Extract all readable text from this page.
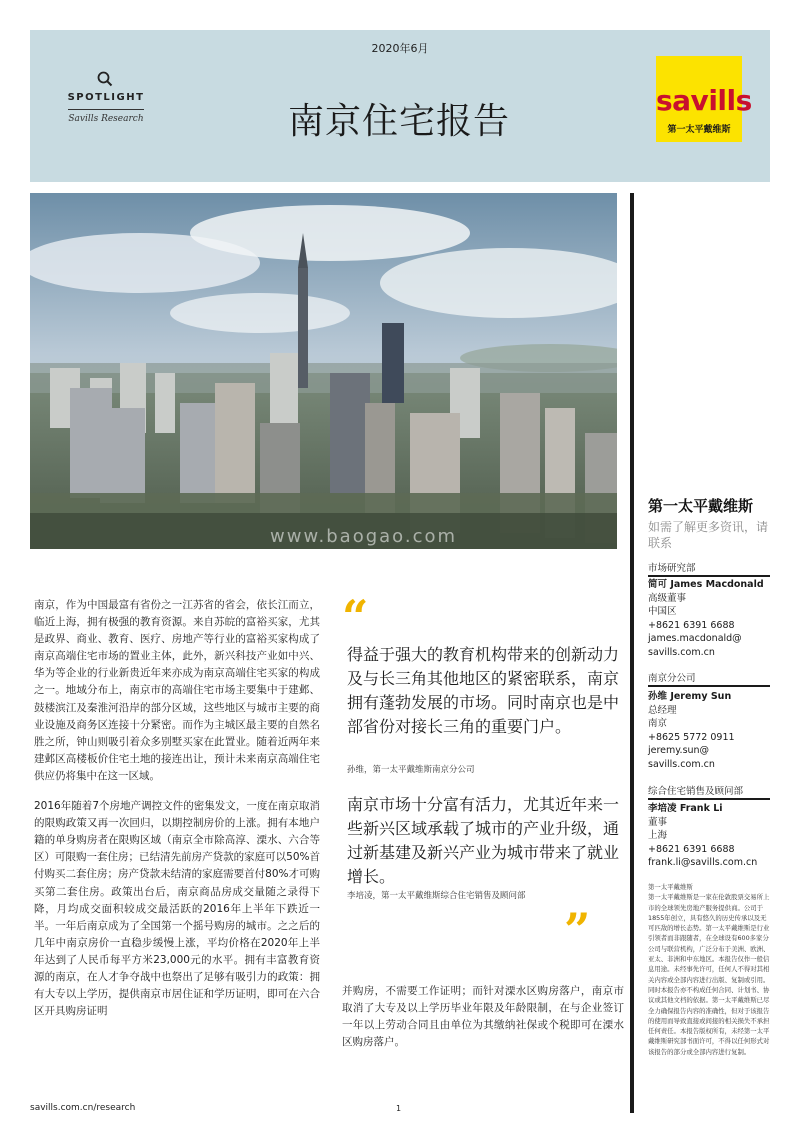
2020年6月
SPOTLIGHT
Savills Research	南京住宅报告
savills
第一太平戴维斯
www.baogao.com
第一太平戴维斯
如需了解更多资讯，请联系
市场研究部
简可 James Macdonald
高级董事
中国区
+8621 6391 6688
james.macdonald@
savills.com.cn
南京分公司
孙维 Jeremy Sun
总经理
南京
+8625 5772 0911
jeremy.sun@
savills.com.cn
综合住宅销售及顾问部
李培凌 Frank Li
董事
上海
+8621 6391 6688
frank.li@savills.com.cn
第一太平戴维斯
第一太平戴维斯是一家在伦敦股票交易所上市的全球领先房地产服务提供商。公司于1855年创立，具有悠久的历史传承以及无可匹敌的增长态势。第一太平戴维斯是行业引领者而非跟随者，在全球设有600多家分公司与联营机构，广泛分布于美洲、欧洲、亚太、非洲和中东地区。本报告仅作一般信息用途。未经事先许可，任何人不得对其相关内容或全部内容进行出版、复制或引用。同时本报告亦不构成任何合同、计划书、协议或其他文档的依据。第一太平戴维斯已尽全力确保报告内容的准确性，但对于该报告的使用而导致直接或间接的相关损失不承担任何责任。本报告版权所有，未经第一太平戴维斯研究部书面许可，不得以任何形式对该报告的部分或全部内容进行复制。

南京，作为中国最富有省份之一江苏省的省会，依长江而立，临近上海，拥有极强的教育资源。来自苏皖的富裕买家，尤其是政界、商业、教育、医疗、房地产等行业的富裕买家构成了南京高端住宅市场的置业主体，此外，新兴科技产业如中兴、华为等企业的行业新贵近年来亦成为南京高端住宅买家的构成之一。地域分布上，南京市的高端住宅市场主要集中于建邺、鼓楼滨江及秦淮河沿岸的部分区域，这些地区与城市主要的商业设施及商务区连接十分紧密。而作为主城区最主要的自然名胜之所，钟山则吸引着众多别墅买家在此置业。随着近两年来建邺区高楼板价住宅土地的接连出让，预计未来南京高端住宅供应仍将集中在这一区域。

2016年随着7个房地产调控文件的密集发文，一度在南京取消的限购政策又再一次回归，以期控制房价的上涨。拥有本地户籍的单身购房者在限购区域（南京全市除高淳、溧水、六合等区）可限购一套住房；已结清先前房产贷款的家庭可以50%首付购买二套住房；房产贷款未结清的家庭需要首付80%才可购买第二套住房。政策出台后，南京商品房成交量随之录得下降，月均成交面积较成交最活跃的2016年上半年下跌近一半。一年后南京成为了全国第一个摇号购房的城市。之之后的几年中南京房价一直稳步缓慢上涨，平均价格在2020年上半年达到了人民币每平方米23,000元的水平。拥有丰富教育资源的南京，在人才争夺战中也祭出了足够有吸引力的政策：拥有大专以上学历，提供南京市居住证和学历证明，即可在六合区开具购房证明

“
得益于强大的教育机构带来的创新动力及与长三角其他地区的紧密联系，南京拥有蓬勃发展的市场。同时南京也是中部省份对接长三角的重要门户。
孙维，第一太平戴维斯南京分公司
南京市场十分富有活力，尤其近年来一些新兴区域承载了城市的产业升级，通过新基建及新兴产业为城市带来了就业增长。
李培凌，第一太平戴维斯综合住宅销售及顾问部
”
并购房，不需要工作证明；而针对溧水区购房落户，南京市取消了大专及以上学历毕业年限及年龄限制，在与企业签订一年以上劳动合同且由单位为其缴纳社保或个税即可在溧水区购房落户。
savills.com.cn/research	1
